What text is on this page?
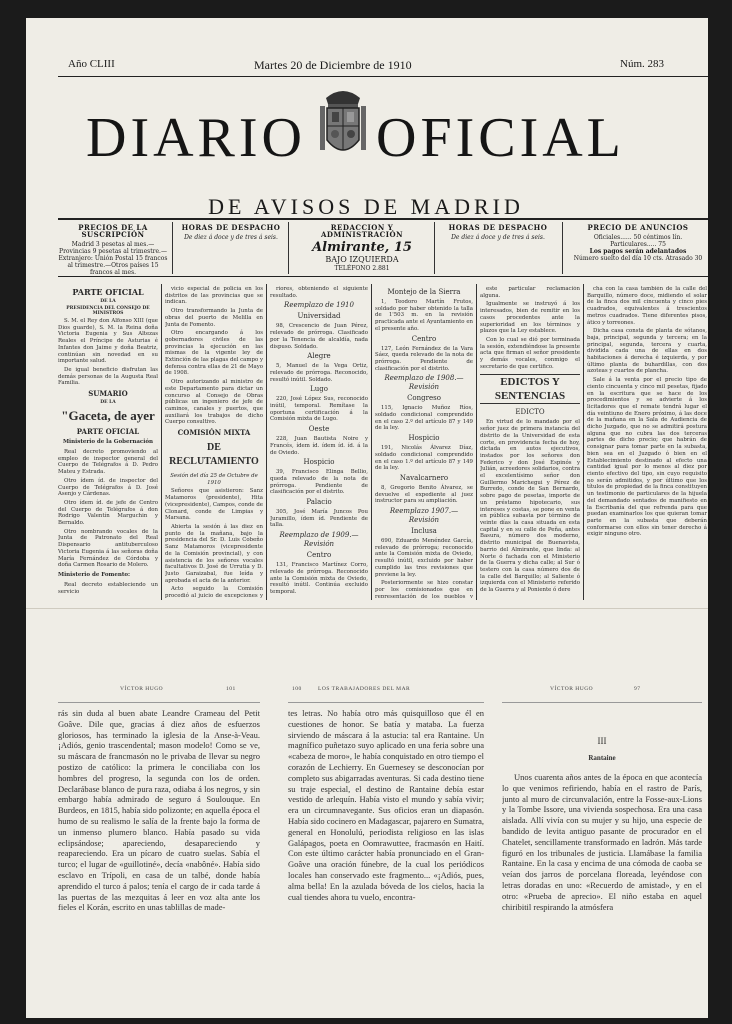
Año CLIII	Martes 20 de Diciembre de 1910	Núm. 283
DIARIO OFICIAL
DE AVISOS DE MADRID
PRECIOS DE LA SUSCRIPCIÓN
Madrid 3 pesetas al mes.—Provincias 9 pesetas al trimestre.—Extranjero: Unión Postal 15 francos al trimestre.—Otros países 15 francos al mes.
HORAS DE DESPACHO
De diez á doce y de tres á seis.
REDACCIÓN Y ADMINISTRACIÓN
Almirante, 15
BAJO IZQUIERDA
TELÉFONO 2.881
HORAS DE DESPACHO
De diez á doce y de tres á seis.
PRECIO DE ANUNCIOS
Oficiales...... 50 céntimos lín.
Particulares..... 75
Los pagos serán adelantados
Número suelto del día 10 cts. Atrasado 30
PARTE OFICIAL
DE LA
PRESIDENCIA DEL CONSEJO DE MINISTROS

S. M. el Rey don Alfonso XIII (que Dios guarde), S. M. la Reina doña Victoria Eugenia y Sus Altezas Reales el Príncipe de Asturias é Infantes don Jaime y doña Beatriz, continúan sin novedad en su importante salud.

De igual beneficio disfrutan las demás personas de la Augusta Real Familia.

SUMARIO
DE LA
"Gaceta, de ayer
PARTE OFICIAL
Ministerio de la Gobernación

Real decreto promoviendo al empleo de inspector general del Cuerpo de Telégrafos á D. Pedro Mateu y Estrada.

Otro ídem íd. de inspector del Cuerpo de Telégrafos á D. José Asenjo y Cárdenas.

Otro ídem íd. de jefe de Centro del Cuerpo de Telégrafos á don Rodrigo Valentín Marguchin y Bernaldo.

Otro nombrando vocales de la Junta de Patronato del Real Dispensario antituberculoso Victoria Eugenia á las señoras doña María Fernández de Córdoba y doña Carmen Rosario de Molero.

Ministerio de Fomento:

Real decreto estableciendo un servicio

vicio especial de policía en los distritos de las provincias que se indican.

Otro transformando la Junta de obras del puerto de Melilla en Junta de Fomento.

Otro encargando á los gobernadores civiles de las provincias la ejecución en las mismas de la vigente ley de Extinción de las plagas del campo y defensa contra ellas de 21 de Mayo de 1908.

Otro autorizando al ministro de este Departamento para dictar un concurso al Consejo de Obras públicas un ingeniero de jefe de caminos, canales y puertos, que auxiliará los trabajos de dicho Cuerpo consultivo.

COMISIÓN MIXTA
DE RECLUTAMIENTO

Sesión del día 25 de Octubre de 1910

Señores que asistieron: Sanz Matamoros (presidente), Hita (vicepresidente), Campos, conde de Clonard, conde de Limpias y Marsana.

Abierta la sesión á las diez en punto de la mañana, bajo la presidencia del Sr. D. Luis Cobeño Sanz Matamoros (vicepresidente de la Comisión provincial), y con asistencia de los señores vocales facultativos D. José de Urrutia y D. Justo Garaizabal, fue leída y aprobada el acta de la anterior.

Acto seguido la Comisión procedió al juicio de excepciones y

riores, obteniendo el siguiente resultado.

Reemplazo de 1910
Universidad

98, Crescencio de Juan Pérez, relevado de prórroga. Clasificado por la Tenencia de alcaldía, nada dispuso. Soldado.

Alegre

5, Manuel de la Vega Ortiz, relevado de prórroga. Reconocido, resultó inútil. Soldado.

Lugo

220, José López Sus, reconocido inútil, temporal. Remítase la oportuna certificación á la Comisión mixta de Lugo.

Oeste

228, Juan Bautista Noire y Francés, ídem íd. ídem íd. íd. á la de Oviedo.

Hospicio

39, Francisco Elinga Bellio, queda relevado de la nota de prórroga. Pendiente de clasificación por el distrito.

Palacio

305, José María Juncos Pou Juramillo, ídem íd. Pendiente de talla.

Reemplazo de 1909.—Revisión
Centro

131, Francisco Martínez Corro, relevado de prórroga. Reconocido ante la Comisión mixta de Oviedo, resultó inútil. Continúa excluido temporal.

Montejo de la Sierra

1, Teodoro Martín Frutos, soldado por haber obtenido la talla de 1'503 m. en la revisión practicada ante el Ayuntamiento en el presente año.

Centro

127, León Fernández de la Vara Sáez, queda relevado de la nota de prórroga. Pendiente de clasificación por el distrito.

Reemplazo de 1908.—Revisión
Congreso

115, Ignacio Muñoz Ríos, soldado condicional comprendido en el caso 2.º del artículo 87 y 149 de la ley.

Hospicio

191, Nicolás Álvarez Díaz, soldado condicional comprendido en el caso 1.º del artículo 87 y 149 de la ley.

Navalcarnero

8, Gregorio Benito Álvarez, se devuelve el expediente al juez instructor para su ampliación.

Reemplazo 1907.—Revisión
Inclusa

690, Eduardo Menéndez García, relevado de prórroga; reconocido ante la Comisión mixta de Oviedo, resultó inútil, excluido por haber cumplido las tres revisiones que previene la ley.

Posteriormente se hizo constar por los comisionados que en representación de los pueblos y

este particular reclamación alguna.

Igualmente se instruyó á los interesados, bien de remitir en los casos procedentes ante la superioridad en los términos y plazos que la Ley establece.

Con lo cual se dió por terminada la sesión, extendiéndose la presente acta que firman el señor presidente y demás vocales, conmigo el secretario de que certifico.

EDICTOS Y SENTENCIAS
EDICTO

En virtud de lo mandado por el señor juez de primera instancia del distrito de la Universidad de esta corte, en providencia fecha de hoy, dictada en autos ejecutivos, instados por los señores don Federico y don José Espinós y Julián, acreedores solidarios, contra el excelentísimo señor don Guillermo Marichegui y Pérez de Burredo, conde de San Bernardo, sobre pago de pesetas, importe de un préstamo hipotecario, sus intereses y costas, se pone en venta en pública subasta por término de veinte días la casa situada en esta capital y en su calle de Peña, antes Basura, número dos moderno, distrito municipal de Buenavista, barrio del Almirante, que linda: al Norte ó fachada con el Ministerio de la Guerra y dicha calle; al Sur ó testero con la casa número dos de la calle del Barquillo; al Saliente ó izquierda con el Ministerio referido de la Guerra y al Poniente ó dere

cha con la casa también de la calle del Barquillo, número doce, midiendo el solar de la finca dos mil cincuenta y cinco pies cuadrados, equivalentes á trescientos metros cuadrados. Tiene diferentes pisos, ático y torreones.

Dicha casa consta de planta de sótanos, baja, principal, segunda y tercera; en la principal, segunda, tercera y cuarta, dividida cada una de ellas en dos habitaciones á derecha é izquierda, y por último planta de buhardillas, con dos azoteas y cuartos de plancha.

Sale á la venta por el precio tipo de ciento cincuenta y cinco mil pesetas, fijado en la escritura que se hace de los procedimientos y se advierte á los licitadores que el remate tendrá lugar el día veintiuno de Enero próximo, á las doce de la mañana en la Sala de Audiencia de dicho Juzgado, que no se admitirá postura alguna que no cubra las dos terceras partes de dicho precio; que habrán de consignar para tomar parte en la subasta, bien sea en el Juzgado ó bien en el Establecimiento destinado al efecto una cantidad igual por lo menos al diez por ciento efectivo del tipo, sin cuyo requisito no serán admitidos, y por último que los títulos de propiedad de la finca constituyen un testimonio de particulares de la hijuela del demandado sentados de manifiesto en la Escribanía del que refrenda para que puedan examinarlos los que quieran tomar parte en la subasta que deberán conformarse con ellos sin tener derecho á exigir ninguno otro.

VÍCTOR HUGO	101
rás sin duda al buen abate Leandre Crameau del Petit Goâve. Dile que, gracias á diez años de esfuerzos gloriosos, has terminado la iglesia de la Anse-à-Veau. ¡Adiós, genio trascendental; mason modelo! Como se ve, su máscara de francmasón no le privaba de llevar su negro postizo de católico: la primera le conciliaba con los hombres del progreso, la segunda con los de orden. Declarábase blanco de pura raza, odiaba á los negros, y sin embargo había admirado de seguro á Soulouque. En Burdeos, en 1815, había sido polizonte; en aquella época el humo de su realismo le salía de la frente bajo la forma de un inmenso plumero blanco. Había pasado su vida eclipsándose; apareciendo, desapareciendo y reapareciendo. Era un pícaro de cuatro suelas. Sabía el turco; el lugar de «guillotiné», decía «nabôné». Había sido esclavo en Trípoli, en casa de un talbé, donde había aprendido el turco á palos; tenía el cargo de ir cada tarde á las puertas de las mezquitas á leer en voz alta ante los fieles el Korán, escrito en unas tablillas de made-
100	LOS TRABAJADORES DEL MAR
tes letras. No había otro más quisquilloso que él en cuestiones de honor. Se batía y mataba. La fuerza sirviendo de máscara á la astucia: tal era Rantaine. Un magnífico puñetazo suyo aplicado en una feria sobre una «cabeza de moro», le había conquistado en otro tiempo el corazón de Lechierry. En Guernesey se desconocían por completo sus abigarradas aventuras. Si cada destino tiene su traje especial, el destino de Rantaine debía estar vestido de arlequín. Había visto el mundo y sabía vivir; era un circumnavegante. Sus oficios eran un diapasón. Había sido cocinero en Madagascar, pajarero en Sumatra, general en Honolulú, periodista religioso en las islas Galápagos, poeta en Oomrawuttee, fracmasón en Haití. Con este último carácter había pronunciado en el Gran-Goâve una oración fúnebre, de la cual los periódicos locales han conservado este fragmento... «¡Adiós, pues, alma bella! En la azulada bóveda de los cielos, hacia la cual tiendes ahora tu vuelo, encontra-
VÍCTOR HUGO	97
III
Rantaine
Unos cuarenta años antes de la época en que acontecía lo que venimos refiriendo, había en el rastro de París, junto al muro de circunvalación, entre la Fosse-aux-Lions y la Tombe Issore, una vivienda sospechosa. Era una casa aislada. Allí vivía con su mujer y su hijo, una especie de bandido de levita antiguo pasante de procurador en el Chatelet, sencillamente transformado en ladrón. Más tarde figuró en los tribunales de justicia. Llamábase la familia Rantaine. En la casa y encima de una cómoda de caoba se veían dos jarros de porcelana floreada, leyéndose con letras doradas en uno: «Recuerdo de amistad», y en el otro: «Prueba de aprecio». El niño estaba en aquel chiribitil respirando la atmósfera
